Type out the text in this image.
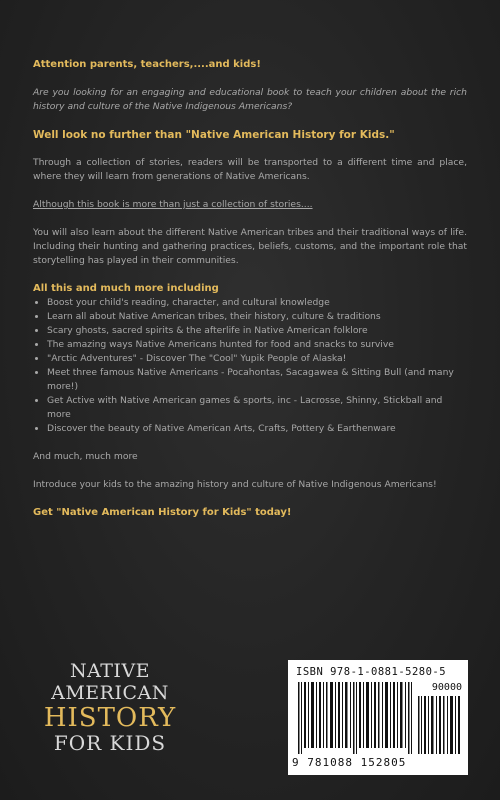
Attention parents, teachers,....and kids!

Are you looking for an engaging and educational book to teach your children about the rich history and culture of the Native Indigenous Americans?

Well look no further than "Native American History for Kids."

Through a collection of stories, readers will be transported to a different time and place, where they will learn from generations of Native Americans.

Although this book is more than just a collection of stories....

You will also learn about the different Native American tribes and their traditional ways of life. Including their hunting and gathering practices, beliefs, customs, and the important role that storytelling has played in their communities.

All this and much more including
• Boost your child's reading, character, and cultural knowledge
• Learn all about Native American tribes, their history, culture & traditions
• Scary ghosts, sacred spirits & the afterlife in Native American folklore
• The amazing ways Native Americans hunted for food and snacks to survive
• "Arctic Adventures" - Discover The "Cool" Yupik People of Alaska!
• Meet three famous Native Americans - Pocahontas, Sacagawea & Sitting Bull (and many more!)
• Get Active with Native American games & sports, inc - Lacrosse, Shinny, Stickball and more
• Discover the beauty of Native American Arts, Crafts, Pottery & Earthenware

And much, much more

Introduce your kids to the amazing history and culture of Native Indigenous Americans!

Get "Native American History for Kids" today!

NATIVE AMERICAN
HISTORY
FOR KIDS
ISBN 978-1-0881-5280-5
90000
9 781088 152805
